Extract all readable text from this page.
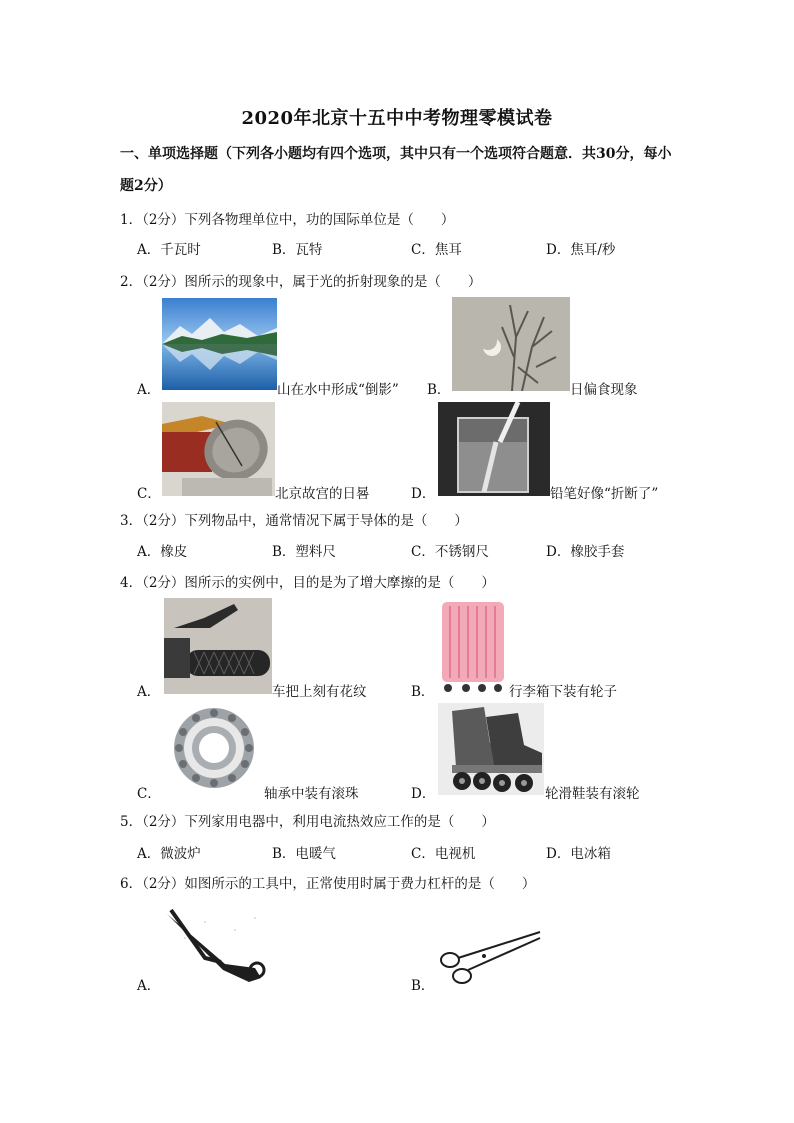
2020年北京十五中中考物理零模试卷
一、单项选择题（下列各小题均有四个选项，其中只有一个选项符合题意．共30分，每小
题2分）
1．（2分）下列各物理单位中，功的国际单位是（　　）
A．千瓦时	B．瓦特	C．焦耳	D．焦耳/秒
2．（2分）图所示的现象中，属于光的折射现象的是（　　）
A．	山在水中形成“倒影” B．	日偏食现象
C．	北京故宫的日晷	D．	铅笔好像“折断了”
3．（2分）下列物品中，通常情况下属于导体的是（　　）
A．橡皮	B．塑料尺	C．不锈钢尺	D．橡胶手套
4．（2分）图所示的实例中，目的是为了增大摩擦的是（　　）
A．	车把上刻有花纹	B．	行李箱下装有轮子
C．	轴承中装有滚珠	D．	轮滑鞋装有滚轮
5．（2分）下列家用电器中，利用电流热效应工作的是（　　）
A．微波炉	B．电暖气	C．电视机	D．电冰箱
6．（2分）如图所示的工具中，正常使用时属于费力杠杆的是（　　）
A．	B．
